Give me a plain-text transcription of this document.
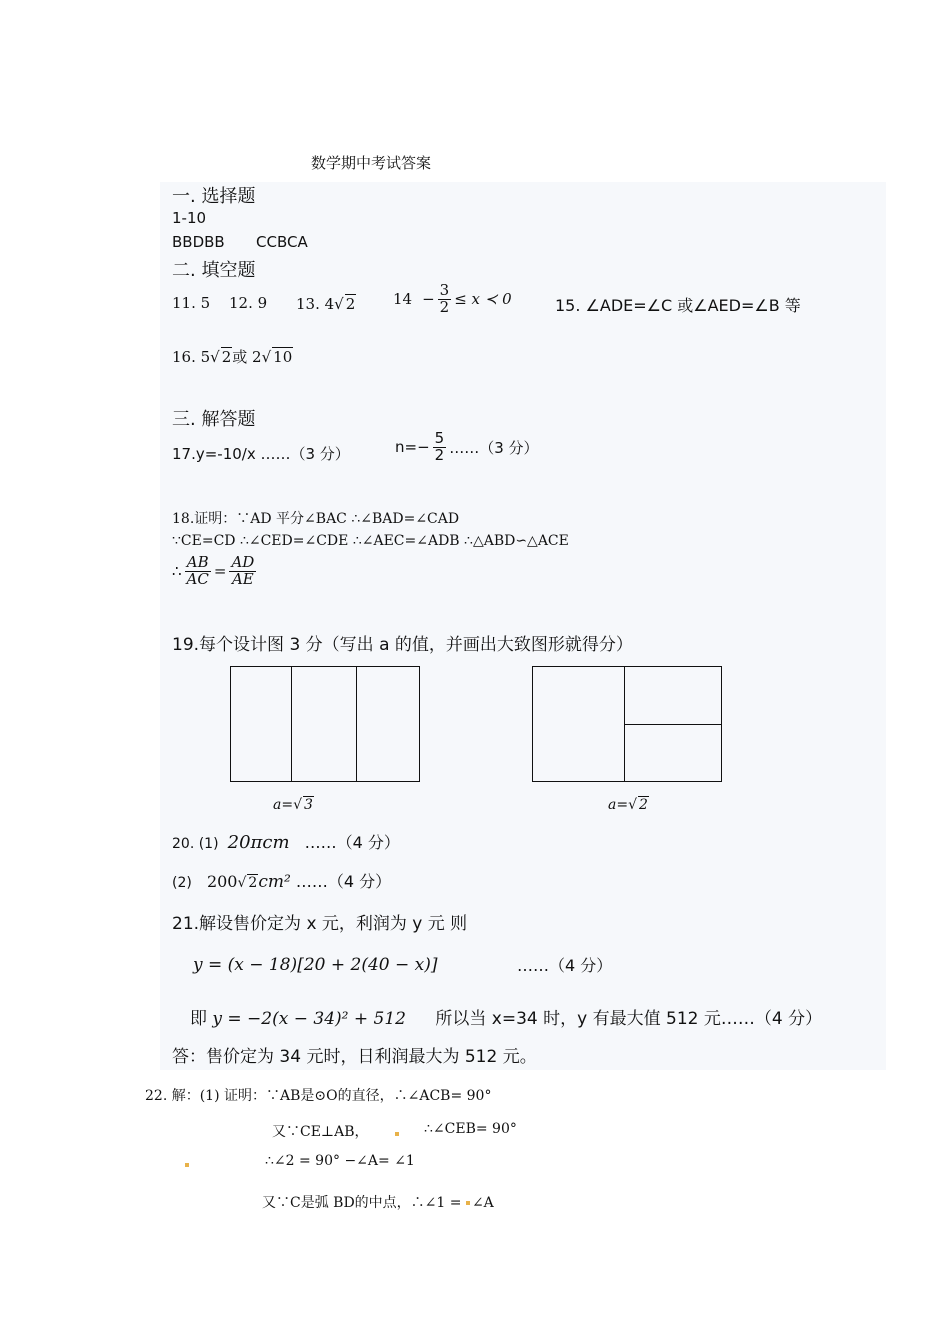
数学期中考试答案
一. 选择题
1-10
BBDBB CCBCA
二. 填空题
11. 5 12. 9 13. 4√ 2	$14 - \frac{3}{2} \le x$ ≺ 0	15. ∠ADE=∠C 或∠AED=∠B 等
16. 5√ 2或 2√ 10
三. 解答题
17.y=-10/x ……（3 分）	$n=- \frac{5}{2}$ ……（3 分）
18.证明：∵AD 平分∠BAC ∴∠BAD=∠CAD
∵CE=CD ∴∠CED=∠CDE ∴∠AEC=∠ADB ∴△ABD∽△ACE
∴ $\frac{AB}{AC} = \frac{AD}{AE}$
19.每个设计图 3 分（写出 a 的值，并画出大致图形就得分）
a=√ 3	a=√ 2
20. (1) 20πcm ……（4 分）
(2) 200√ 2cm² ……（4 分）
21.解设售价定为 x 元，利润为 y 元 则
y = (x − 18)[20 + 2(40 − x)]	……（4 分）
即 y = −2(x − 34)² + 512 所以当 x=34 时，y 有最大值 512 元……（4 分）
答：售价定为 34 元时，日利润最大为 512 元。
22. 解：(1) 证明：∵AB是⊙O的直径，∴∠ACB= 90°
又∵CE⊥AB，	∴∠CEB= 90°
∴∠2 = 90° −∠A= ∠1
又∵C是弧 BD的中点，∴∠1 = ∠A
